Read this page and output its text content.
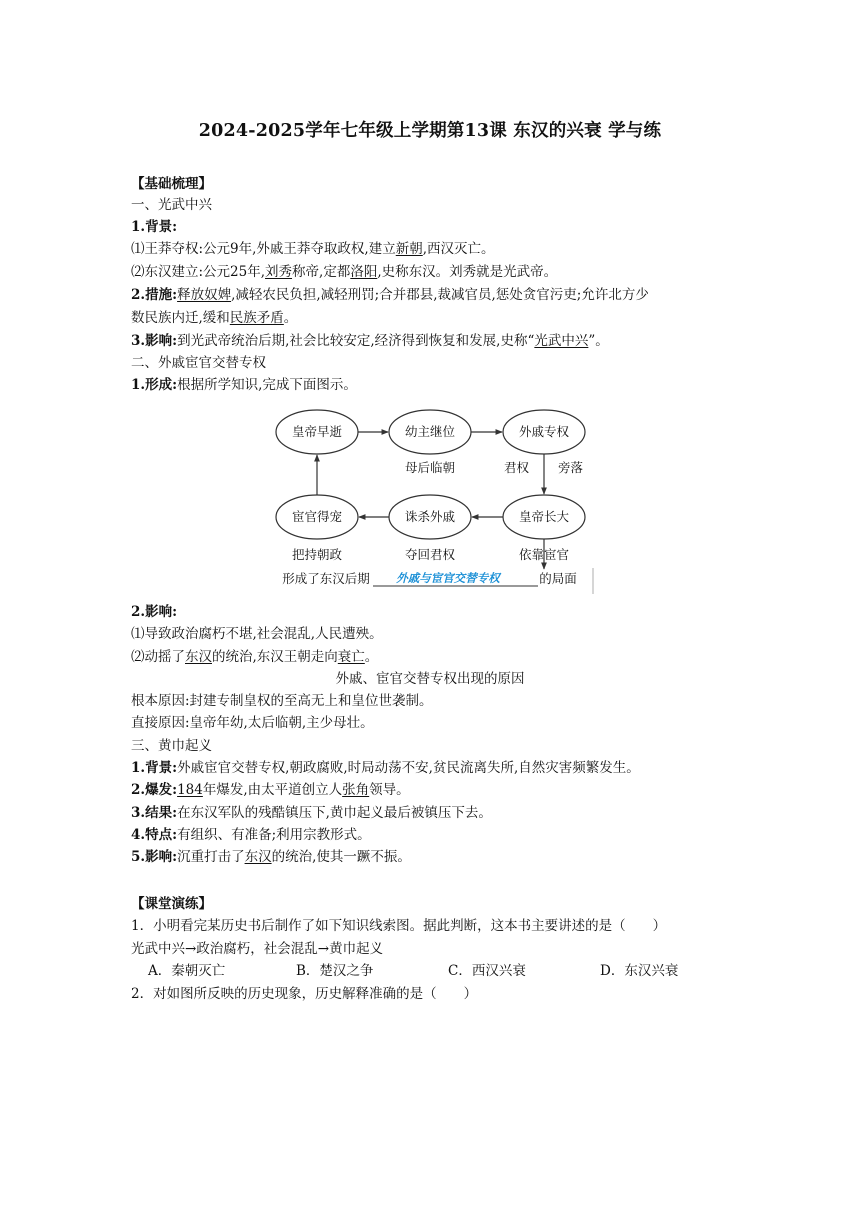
2024-2025学年七年级上学期第13课 东汉的兴衰 学与练
【基础梳理】
一、光武中兴
1.背景:
⑴王莽夺权:公元9年,外戚王莽夺取政权,建立新朝,西汉灭亡。
⑵东汉建立:公元25年,刘秀称帝,定都洛阳,史称东汉。刘秀就是光武帝。
2.措施:释放奴婢,减轻农民负担,减轻刑罚;合并郡县,裁减官员,惩处贪官污吏;允许北方少
数民族内迁,缓和民族矛盾。
3.影响:到光武帝统治后期,社会比较安定,经济得到恢复和发展,史称“光武中兴”。
二、外戚宦官交替专权
1.形成:根据所学知识,完成下面图示。
皇帝早逝	幼主继位	外戚专权
皇帝长大
诛杀外戚
宦官得宠
母后临朝	君权 旁落
依靠宦官
夺回君权
把持朝政
形成了东汉后期 外戚与宦官交替专权	的局面
2.影响:
⑴导致政治腐朽不堪,社会混乱,人民遭殃。
⑵动摇了东汉的统治,东汉王朝走向衰亡。
外戚、宦官交替专权出现的原因
根本原因:封建专制皇权的至高无上和皇位世袭制。
直接原因:皇帝年幼,太后临朝,主少母壮。
三、黄巾起义
1.背景:外戚宦官交替专权,朝政腐败,时局动荡不安,贫民流离失所,自然灾害频繁发生。
2.爆发:184年爆发,由太平道创立人张角领导。
3.结果:在东汉军队的残酷镇压下,黄巾起义最后被镇压下去。
4.特点:有组织、有准备;利用宗教形式。
5.影响:沉重打击了东汉的统治,使其一蹶不振。
【课堂演练】
1．小明看完某历史书后制作了如下知识线索图。据此判断，这本书主要讲述的是（　　）
光武中兴→政治腐朽，社会混乱→黄巾起义
A．秦朝灭亡	B．楚汉之争	C．西汉兴衰	D．东汉兴衰
2．对如图所反映的历史现象，历史解释准确的是（　　）
